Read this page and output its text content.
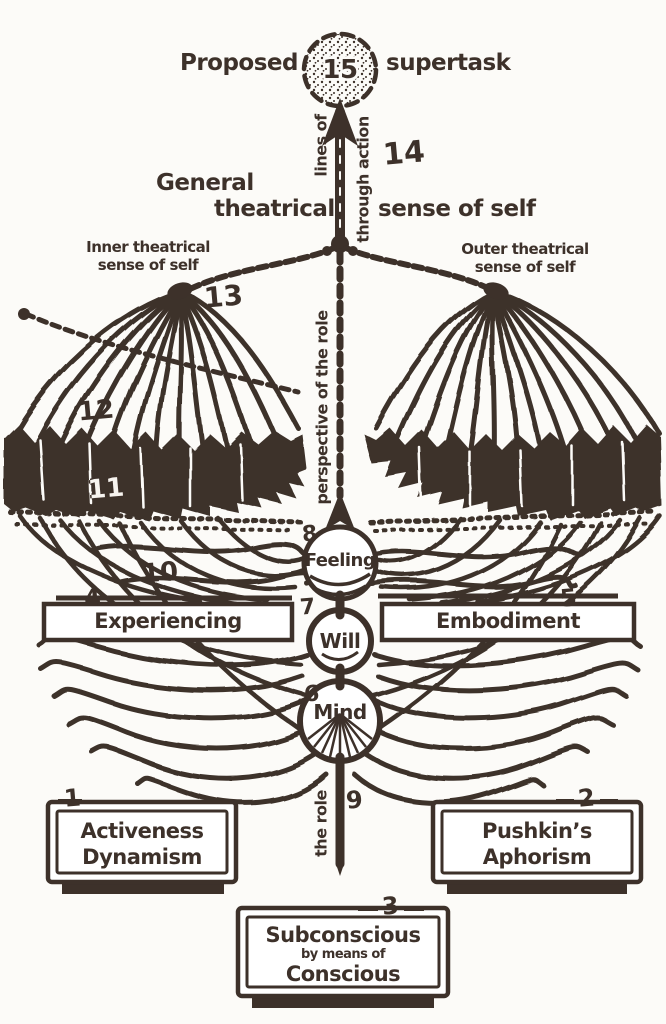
Proposed 15 supertask
lines of through action 14
General
theatrical sense of self
Inner theatrical
sense of self
13
Outer theatrical
sense of self
12
11
10
perspective of the role
8
Feeling
4
Experiencing
5
Embodiment
7
Will
6
Mind
the role 9
1
Activeness
Dynamism
2
Pushkin’s
Aphorism
3
Subconscious
by means of
Conscious
